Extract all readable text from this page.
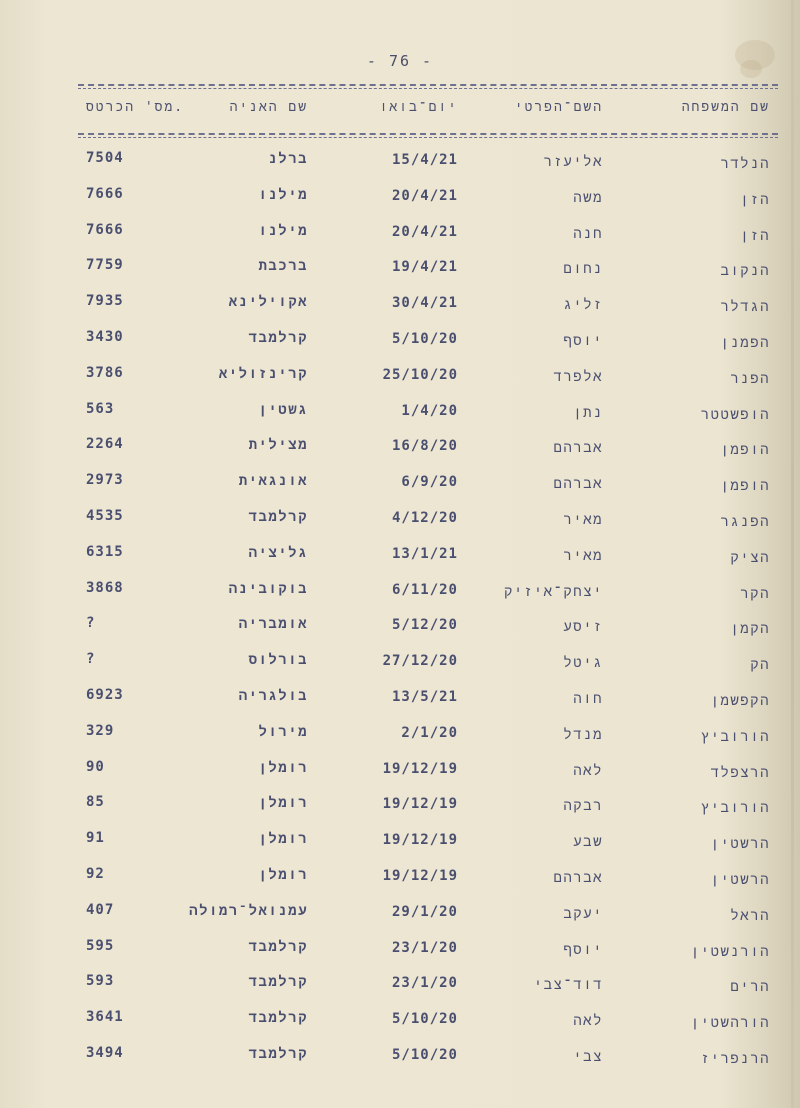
- 76 -
שם המשפחה
השם־הפרטי
יום־בואו
שם האניה
מס' הכרטס.
הנלדר
אליעזר
15/4/21
ברלנ
7504
הזן
משה
20/4/21
מילנו
7666
הזן
חנה
20/4/21
מילנו
7666
הנקוב
נחום
19/4/21
ברכבת
7759
הגדלר
זליג
30/4/21
אקוילינא
7935
הפמנן
יוסף
5/10/20
קרלמבד
3430
הפנר
אלפרד
25/10/20
קרינזוליא
3786
הופשטטר
נתן
1/4/20
גשטין
563
הופמן
אברהם
16/8/20
מצילית
2264
הופמן
אברהם
6/9/20
אונגאית
2973
הפנגר
מאיר
4/12/20
קרלמבד
4535
הציק
מאיר
13/1/21
גליציה
6315
הקר
יצחק־איזיק
6/11/20
בוקובינה
3868
הקמן
זיסע
5/12/20
אומבריה
?
הק
גיטל
27/12/20
בורלוס
?
הקפשמן
חוה
13/5/21
בולגריה
6923
הורוביץ
מנדל
2/1/20
מירול
329
הרצפלד
לאה
19/12/19
רומלן
90
הורוביץ
רבקה
19/12/19
רומלן
85
הרשטין
שבע
19/12/19
רומלן
91
הרשטין
אברהם
19/12/19
רומלן
92
הראל
יעקב
29/1/20
עמנואל־רמולה
407
הורנשטין
יוסף
23/1/20
קרלמבד
595
הרים
דוד־צבי
23/1/20
קרלמבד
593
הורהשטין
לאה
5/10/20
קרלמבד
3641
הרנפריז
צבי
5/10/20
קרלמבד
3494
